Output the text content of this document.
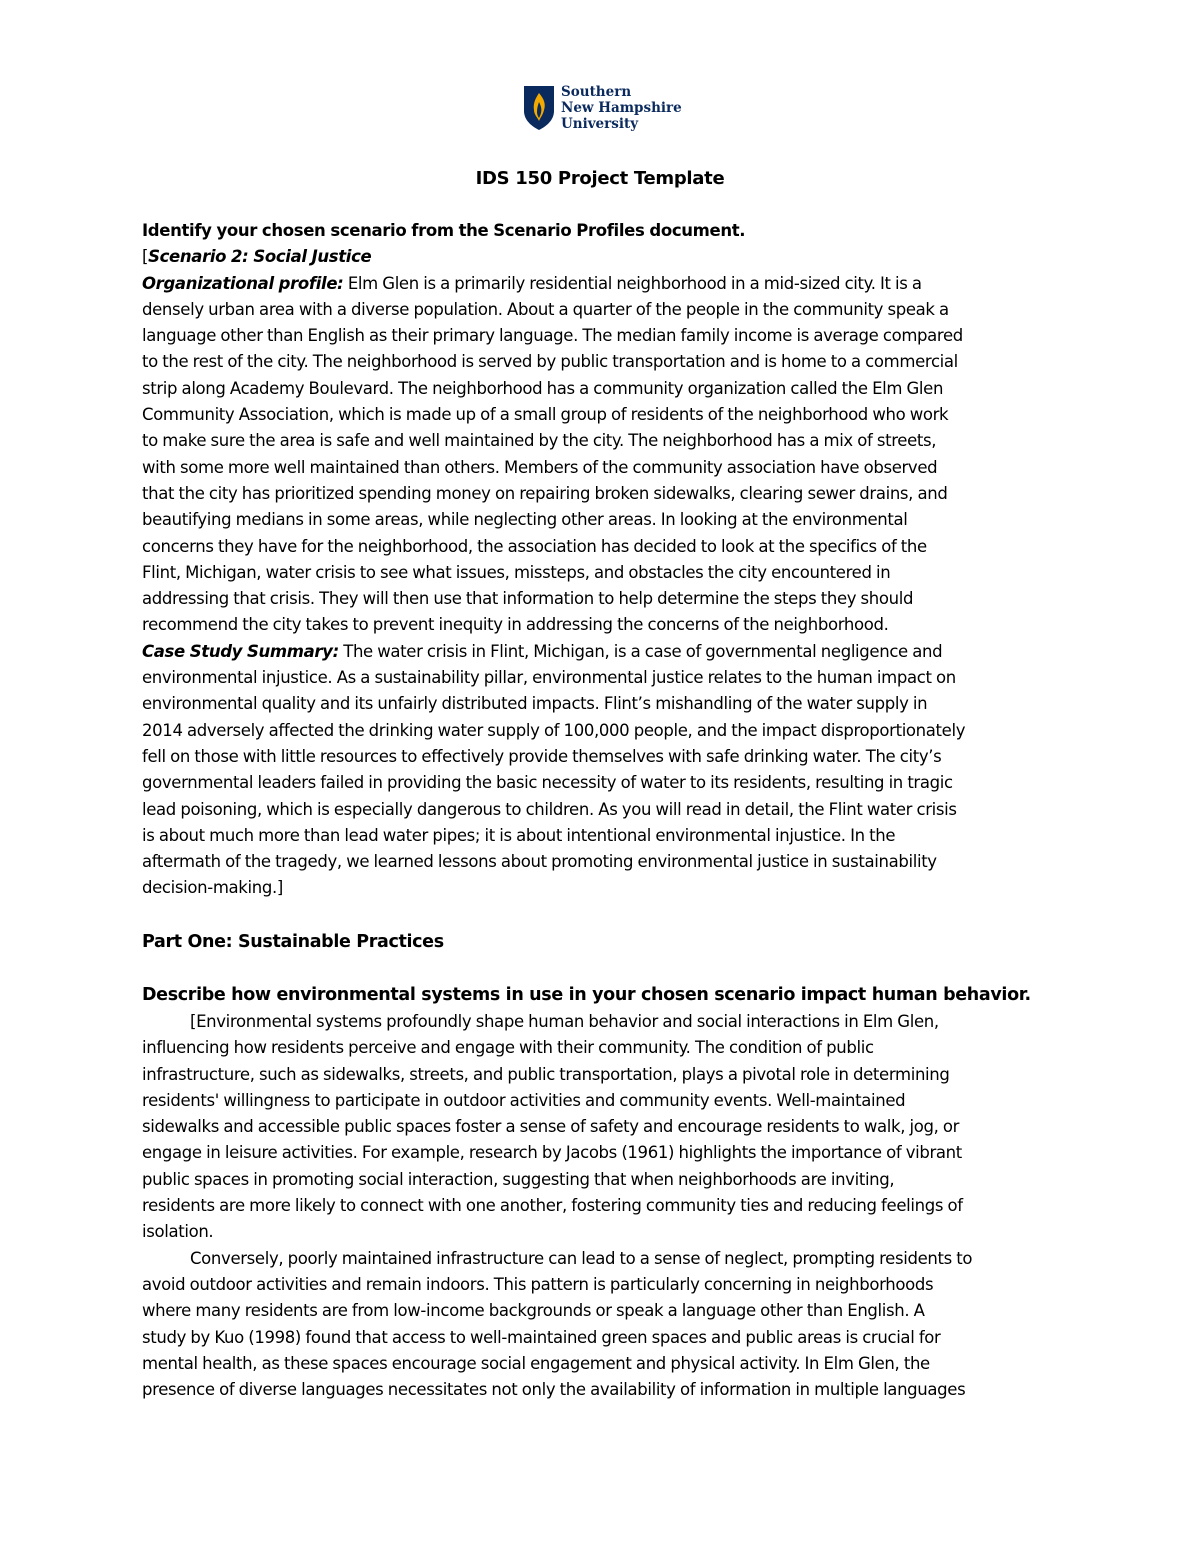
Southern
New Hampshire
University
IDS 150 Project Template
Identify your chosen scenario from the Scenario Profiles document.
[Scenario 2: Social Justice
Organizational profile: Elm Glen is a primarily residential neighborhood in a mid-sized city. It is a
densely urban area with a diverse population. About a quarter of the people in the community speak a
language other than English as their primary language. The median family income is average compared
to the rest of the city. The neighborhood is served by public transportation and is home to a commercial
strip along Academy Boulevard. The neighborhood has a community organization called the Elm Glen
Community Association, which is made up of a small group of residents of the neighborhood who work
to make sure the area is safe and well maintained by the city. The neighborhood has a mix of streets,
with some more well maintained than others. Members of the community association have observed
that the city has prioritized spending money on repairing broken sidewalks, clearing sewer drains, and
beautifying medians in some areas, while neglecting other areas. In looking at the environmental
concerns they have for the neighborhood, the association has decided to look at the specifics of the
Flint, Michigan, water crisis to see what issues, missteps, and obstacles the city encountered in
addressing that crisis. They will then use that information to help determine the steps they should
recommend the city takes to prevent inequity in addressing the concerns of the neighborhood.
Case Study Summary: The water crisis in Flint, Michigan, is a case of governmental negligence and
environmental injustice. As a sustainability pillar, environmental justice relates to the human impact on
environmental quality and its unfairly distributed impacts. Flint’s mishandling of the water supply in
2014 adversely affected the drinking water supply of 100,000 people, and the impact disproportionately
fell on those with little resources to effectively provide themselves with safe drinking water. The city’s
governmental leaders failed in providing the basic necessity of water to its residents, resulting in tragic
lead poisoning, which is especially dangerous to children. As you will read in detail, the Flint water crisis
is about much more than lead water pipes; it is about intentional environmental injustice. In the
aftermath of the tragedy, we learned lessons about promoting environmental justice in sustainability
decision-making.]
Part One: Sustainable Practices
Describe how environmental systems in use in your chosen scenario impact human behavior.
[Environmental systems profoundly shape human behavior and social interactions in Elm Glen,
influencing how residents perceive and engage with their community. The condition of public
infrastructure, such as sidewalks, streets, and public transportation, plays a pivotal role in determining
residents' willingness to participate in outdoor activities and community events. Well-maintained
sidewalks and accessible public spaces foster a sense of safety and encourage residents to walk, jog, or
engage in leisure activities. For example, research by Jacobs (1961) highlights the importance of vibrant
public spaces in promoting social interaction, suggesting that when neighborhoods are inviting,
residents are more likely to connect with one another, fostering community ties and reducing feelings of
isolation.
Conversely, poorly maintained infrastructure can lead to a sense of neglect, prompting residents to
avoid outdoor activities and remain indoors. This pattern is particularly concerning in neighborhoods
where many residents are from low-income backgrounds or speak a language other than English. A
study by Kuo (1998) found that access to well-maintained green spaces and public areas is crucial for
mental health, as these spaces encourage social engagement and physical activity. In Elm Glen, the
presence of diverse languages necessitates not only the availability of information in multiple languages
